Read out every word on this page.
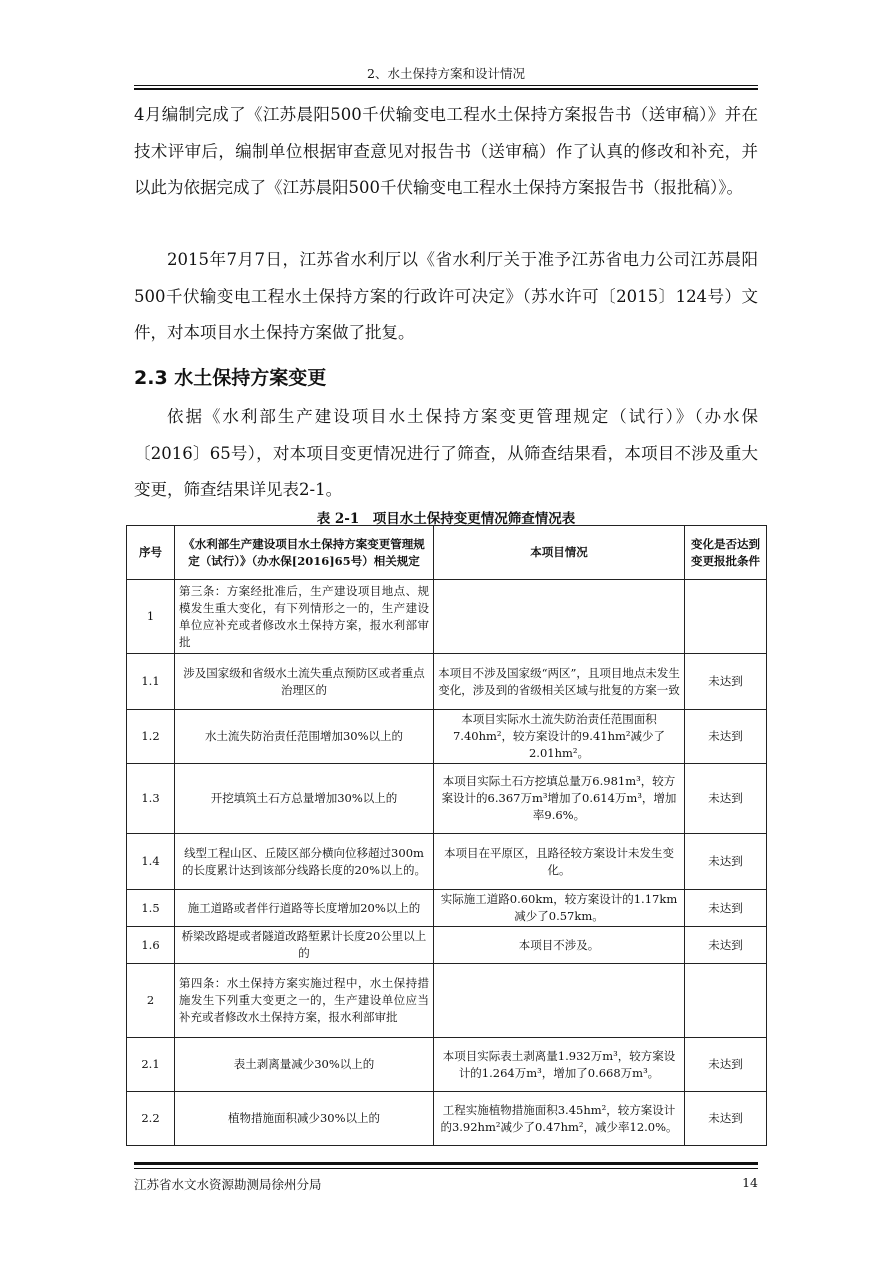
2、水土保持方案和设计情况

4月编制完成了《江苏晨阳500千伏输变电工程水土保持方案报告书（送审稿）》并在技术评审后，编制单位根据审查意见对报告书（送审稿）作了认真的修改和补充，并以此为依据完成了《江苏晨阳500千伏输变电工程水土保持方案报告书（报批稿）》。

2015年7月7日，江苏省水利厅以《省水利厅关于准予江苏省电力公司江苏晨阳500千伏输变电工程水土保持方案的行政许可决定》（苏水许可〔2015〕124号）文件，对本项目水土保持方案做了批复。

2.3 水土保持方案变更

依据《水利部生产建设项目水土保持方案变更管理规定（试行）》（办水保〔2016〕65号），对本项目变更情况进行了筛查，从筛查结果看，本项目不涉及重大变更，筛查结果详见表2-1。

表 2-1　项目水土保持变更情况筛查情况表
序号	《水利部生产建设项目水土保持方案变更管理规定（试行）》（办水保[2016]65号）相关规定	本项目情况	变化是否达到变更报批条件
1	第三条：方案经批准后，生产建设项目地点、规模发生重大变化，有下列情形之一的，生产建设单位应补充或者修改水土保持方案，报水利部审批		
1.1	涉及国家级和省级水土流失重点预防区或者重点治理区的	本项目不涉及国家级“两区”，且项目地点未发生变化，涉及到的省级相关区域与批复的方案一致	未达到
1.2	水土流失防治责任范围增加30%以上的	本项目实际水土流失防治责任范围面积7.40hm²，较方案设计的9.41hm²减少了2.01hm²。	未达到
1.3	开挖填筑土石方总量增加30%以上的	本项目实际土石方挖填总量万6.981m³，较方案设计的6.367万m³增加了0.614万m³，增加率9.6%。	未达到
1.4	线型工程山区、丘陵区部分横向位移超过300m的长度累计达到该部分线路长度的20%以上的。	本项目在平原区，且路径较方案设计未发生变化。	未达到
1.5	施工道路或者伴行道路等长度增加20%以上的	实际施工道路0.60km，较方案设计的1.17km减少了0.57km。	未达到
1.6	桥梁改路堤或者隧道改路堑累计长度20公里以上的	本项目不涉及。	未达到
2	第四条：水土保持方案实施过程中，水土保持措施发生下列重大变更之一的，生产建设单位应当补充或者修改水土保持方案，报水利部审批		
2.1	表土剥离量减少30%以上的	本项目实际表土剥离量1.932万m³，较方案设计的1.264万m³，增加了0.668万m³。	未达到
2.2	植物措施面积减少30%以上的	工程实施植物措施面积3.45hm²，较方案设计的3.92hm²减少了0.47hm²，减少率12.0%。	未达到
江苏省水文水资源勘测局徐州分局	14
